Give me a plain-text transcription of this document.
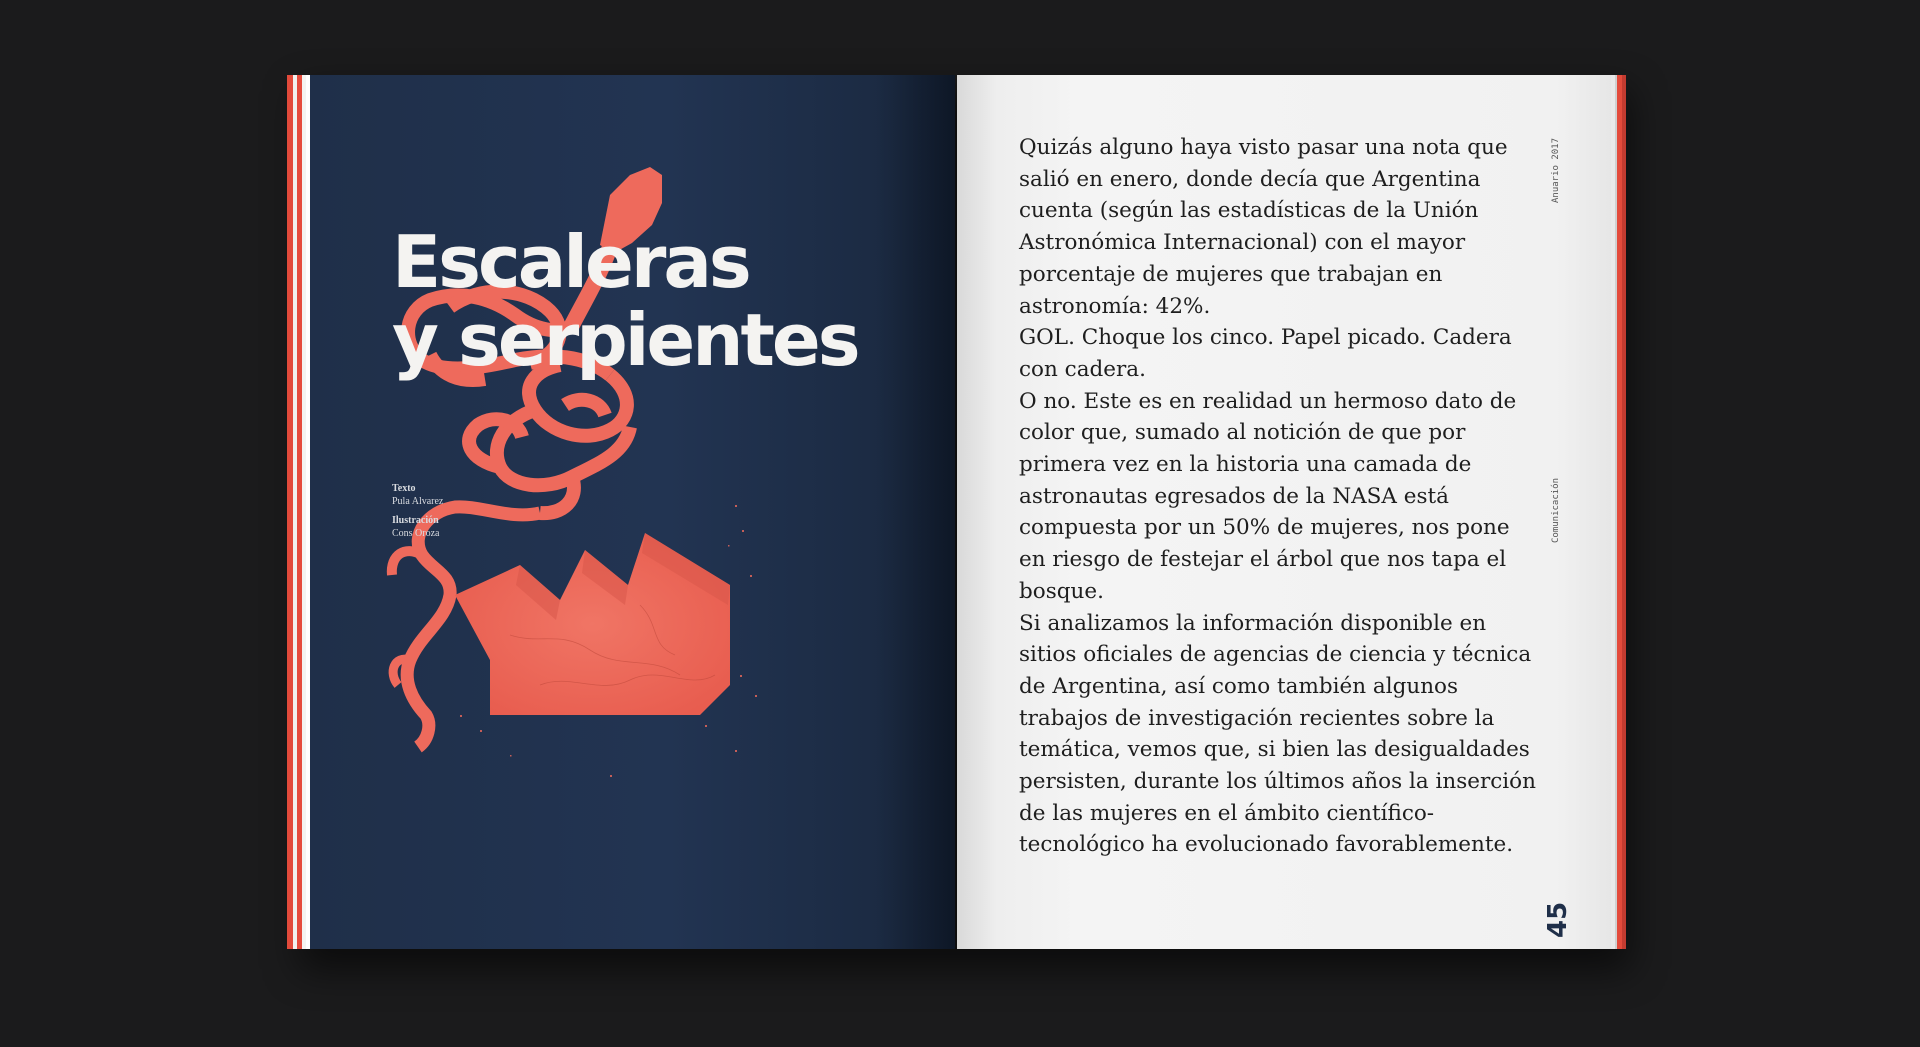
Escaleras
y serpientes
Texto
Pula Alvarez
Ilustración
Cons Oroza

Quizás alguno haya visto pasar una nota que salió en enero, donde decía que Argentina cuenta (según las estadísticas de la Unión Astronómica Internacional) con el mayor porcentaje de mujeres que trabajan en astronomía: 42%.

GOL. Choque los cinco. Papel picado. Cadera con cadera.

O no. Este es en realidad un hermoso dato de color que, sumado al notición de que por primera vez en la historia una camada de astronautas egresados de la NASA está compuesta por un 50% de mujeres, nos pone en riesgo de festejar el árbol que nos tapa el bosque.

Si analizamos la información disponible en sitios oficiales de agencias de ciencia y técnica de Argentina, así como también algunos trabajos de investigación recientes sobre la temática, vemos que, si bien las desigualdades persisten, durante los últimos años la inserción de las mujeres en el ámbito científico-tecnológico ha evolucionado favorablemente.

Anuario 2017
Comunicación
45
